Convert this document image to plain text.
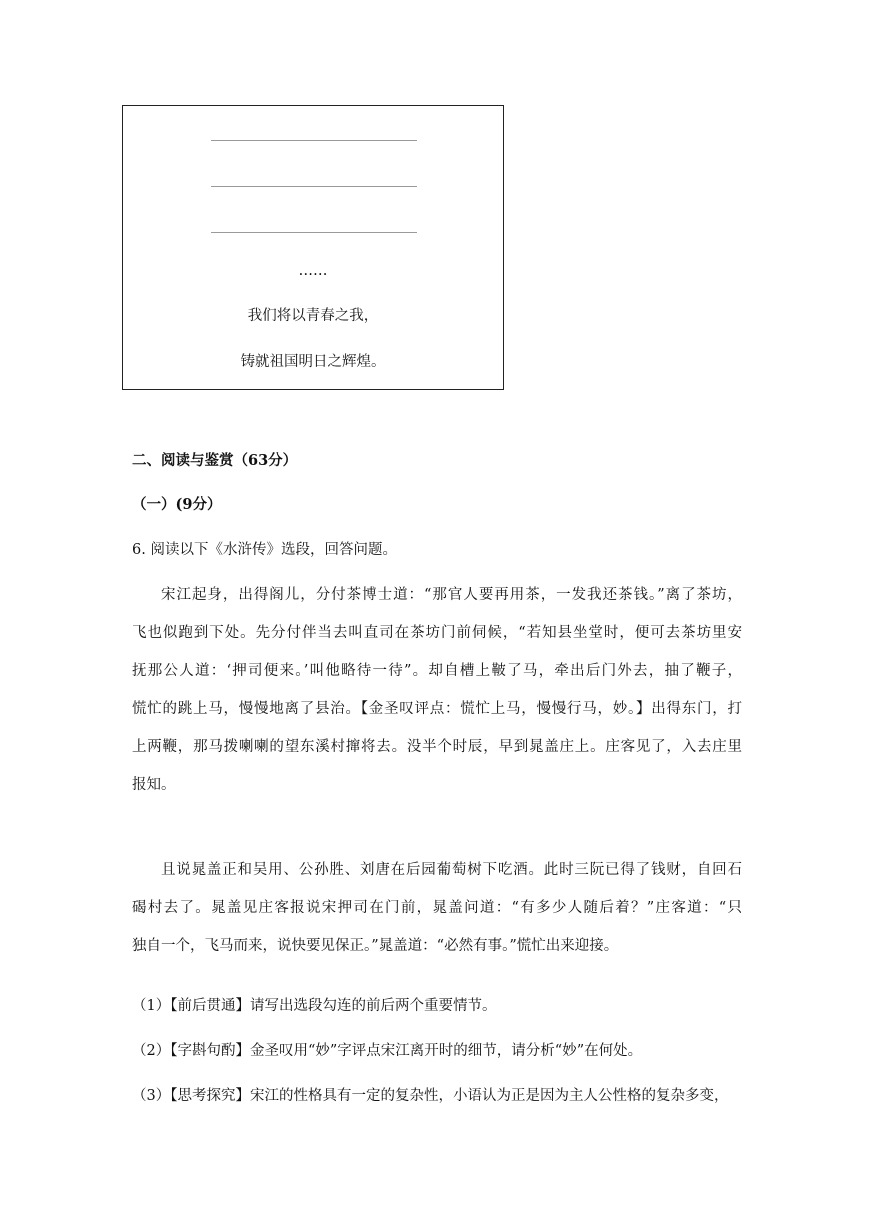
……
我们将以青春之我，
铸就祖国明日之辉煌。
二、阅读与鉴赏（63分）
（一）(9分）
6. 阅读以下《水浒传》选段，回答问题。
宋江起身，出得阁儿，分付茶博士道：“那官人要再用茶，一发我还茶钱。”离了茶坊，
飞也似跑到下处。先分付伴当去叫直司在茶坊门前伺候，“若知县坐堂时，便可去茶坊里安
抚那公人道：‘押司便来。’叫他略待一待”。却自槽上鞁了马，牵出后门外去，抽了鞭子，
慌忙的跳上马，慢慢地离了县治。【金圣叹评点：慌忙上马，慢慢行马，妙。】出得东门，打
上两鞭，那马拨喇喇的望东溪村撺将去。没半个时辰，早到晁盖庄上。庄客见了，入去庄里
报知。
且说晁盖正和吴用、公孙胜、刘唐在后园葡萄树下吃酒。此时三阮已得了钱财，自回石
碣村去了。晁盖见庄客报说宋押司在门前，晁盖问道：“有多少人随后着？”庄客道：“只
独自一个，飞马而来，说快要见保正。”晁盖道：“必然有事。”慌忙出来迎接。
（1）【前后贯通】请写出选段勾连的前后两个重要情节。
（2）【字斟句酌】金圣叹用“妙”字评点宋江离开时的细节，请分析“妙”在何处。
（3）【思考探究】宋江的性格具有一定的复杂性，小语认为正是因为主人公性格的复杂多变，
